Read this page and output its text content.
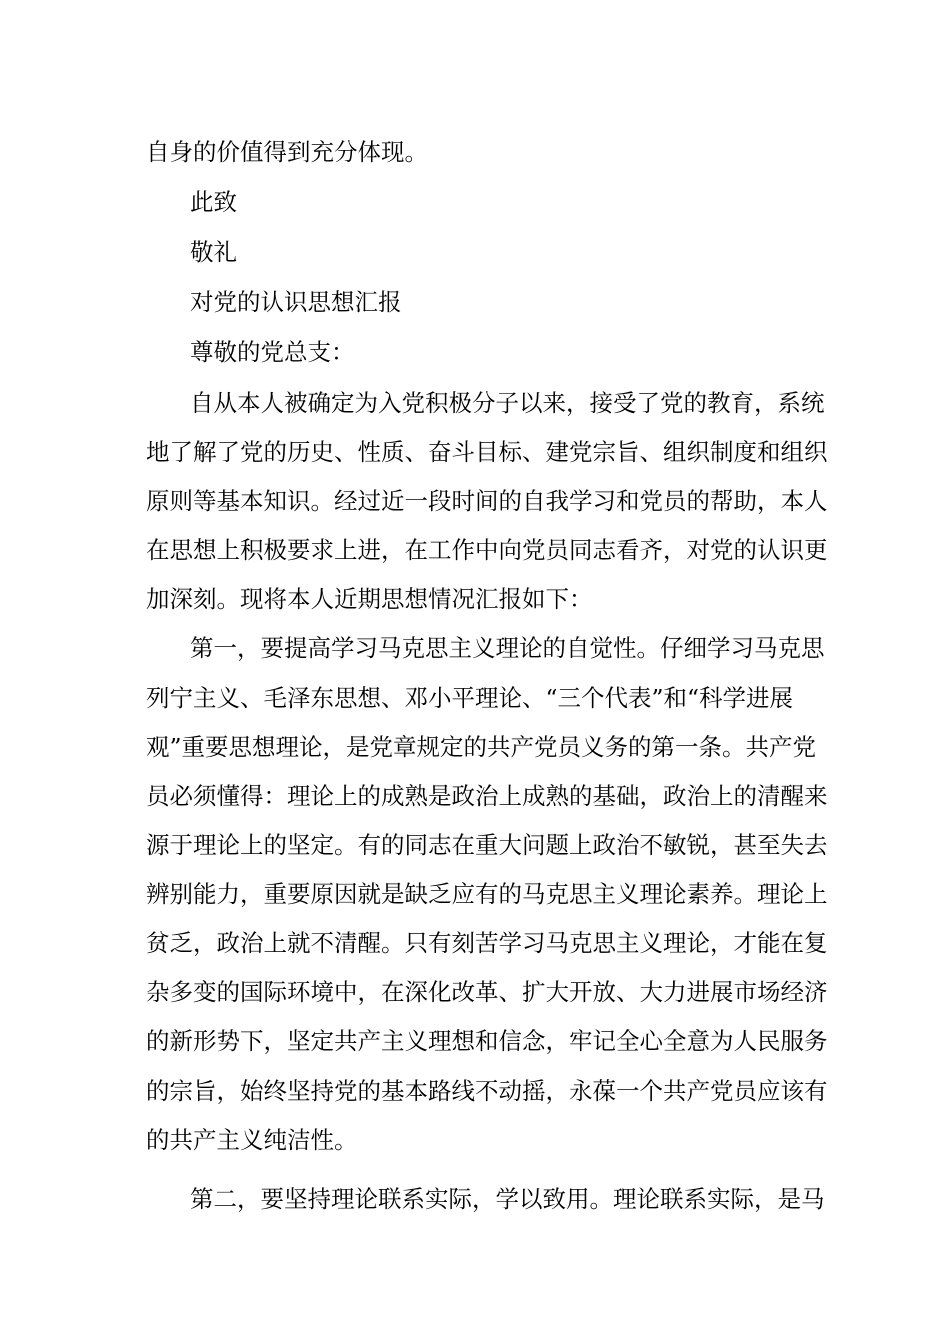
自身的价值得到充分体现。
此致
敬礼
对党的认识思想汇报
尊敬的党总支：
自从本人被确定为入党积极分子以来，接受了党的教育，系统
地了解了党的历史、性质、奋斗目标、建党宗旨、组织制度和组织
原则等基本知识。经过近一段时间的自我学习和党员的帮助，本人
在思想上积极要求上进，在工作中向党员同志看齐，对党的认识更
加深刻。现将本人近期思想情况汇报如下：
第一，要提高学习马克思主义理论的自觉性。仔细学习马克思
列宁主义、毛泽东思想、邓小平理论、“三个代表”和“科学进展
观”重要思想理论，是党章规定的共产党员义务的第一条。共产党
员必须懂得：理论上的成熟是政治上成熟的基础，政治上的清醒来
源于理论上的坚定。有的同志在重大问题上政治不敏锐，甚至失去
辨别能力，重要原因就是缺乏应有的马克思主义理论素养。理论上
贫乏，政治上就不清醒。只有刻苦学习马克思主义理论，才能在复
杂多变的国际环境中，在深化改革、扩大开放、大力进展市场经济
的新形势下，坚定共产主义理想和信念，牢记全心全意为人民服务
的宗旨，始终坚持党的基本路线不动摇，永葆一个共产党员应该有
的共产主义纯洁性。
第二，要坚持理论联系实际，学以致用。理论联系实际，是马
